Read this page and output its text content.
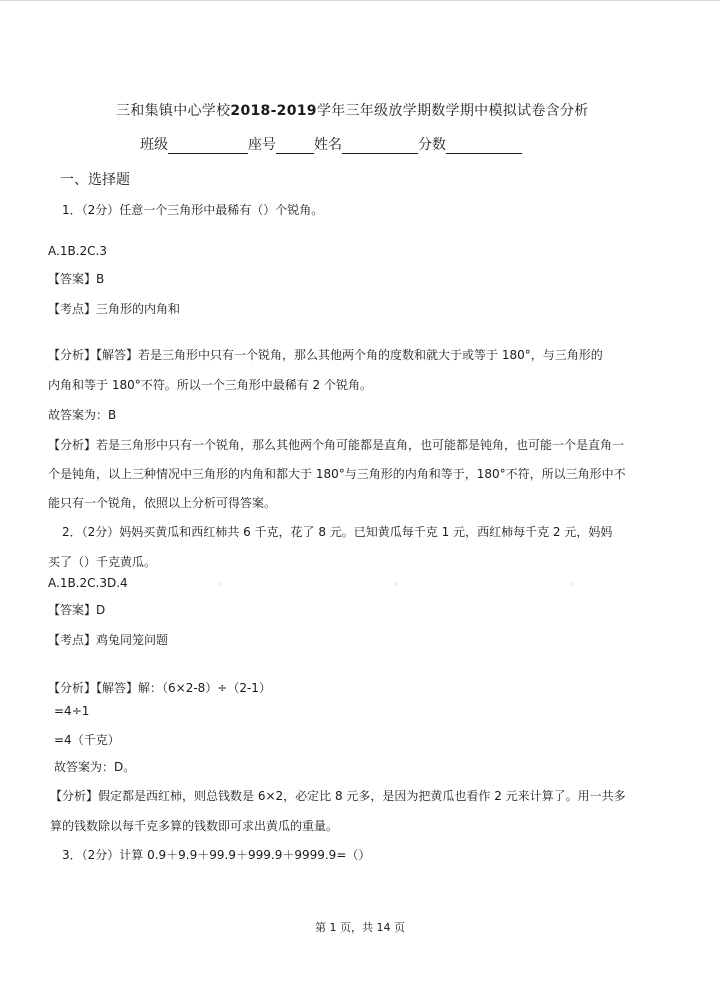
三和集镇中心学校2018-2019学年三年级放学期数学期中模拟试卷含分析
班级	座号	姓名	分数
一、选择题
1．（2分）任意一个三角形中最稀有（）个锐角。
A.1B.2C.3
【答案】B
【考点】三角形的内角和
【分析】【解答】若是三角形中只有一个锐角，那么其他两个角的度数和就大于或等于 180°，与三角形的
内角和等于 180°不符。所以一个三角形中最稀有 2 个锐角。
故答案为：B
【分析】若是三角形中只有一个锐角，那么其他两个角可能都是直角，也可能都是钝角，也可能一个是直角一
个是钝角，以上三种情况中三角形的内角和都大于 180°与三角形的内角和等于，180°不符，所以三角形中不
能只有一个锐角，依照以上分析可得答案。
2．（2分）妈妈买黄瓜和西红柿共 6 千克，花了 8 元。已知黄瓜每千克 1 元，西红柿每千克 2 元，妈妈
买了（）千克黄瓜。
A.1B.2C.3D.4
【答案】D
【考点】鸡兔同笼问题
【分析】【解答】解：（6×2-8）÷（2-1）
=4÷1
=4（千克）
故答案为：D。
【分析】假定都是西红柿，则总钱数是 6×2，必定比 8 元多，是因为把黄瓜也看作 2 元来计算了。用一共多
算的钱数除以每千克多算的钱数即可求出黄瓜的重量。
3．（2分）计算 0.9＋9.9＋99.9＋999.9＋9999.9=（）
第 1 页，共 14 页
